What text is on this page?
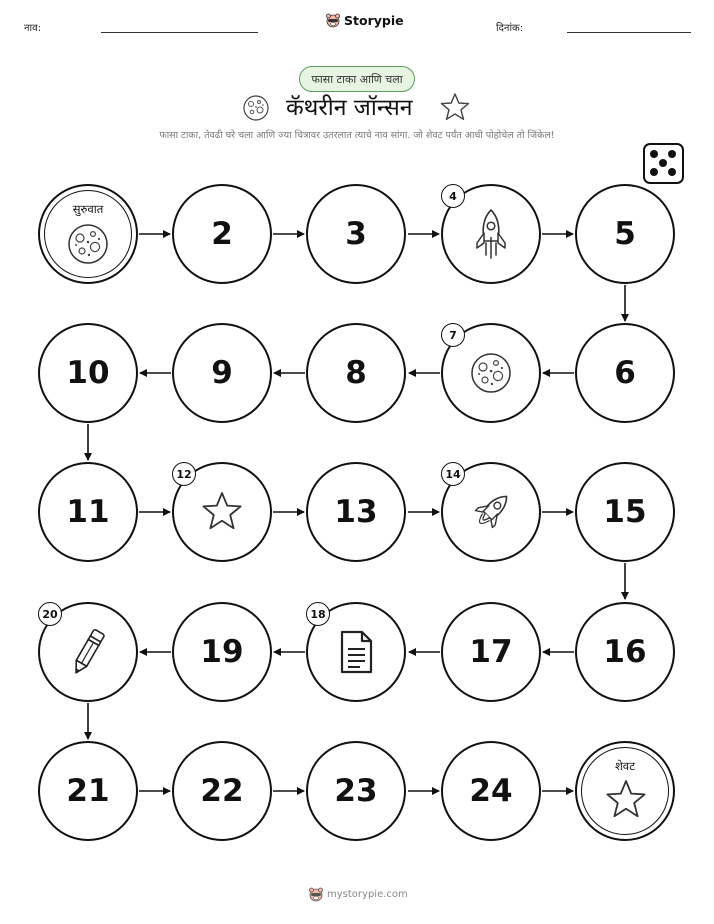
नाव:
Storypie
दिनांक:
फासा टाका आणि चला
कॅथरीन जॉन्सन
फासा टाका, तेवढी घरे चला आणि ज्या चित्रावर उतरलात त्याचे नाव सांगा. जो शेवट पर्यंत आधी पोहोचेल तो जिंकेल!
सुरुवात
2	3
4
5
6
7
8
9
10
11
12
13
14
15
16
17
18
19
20
21	22	23	24
शेवट
mystorypie.com
